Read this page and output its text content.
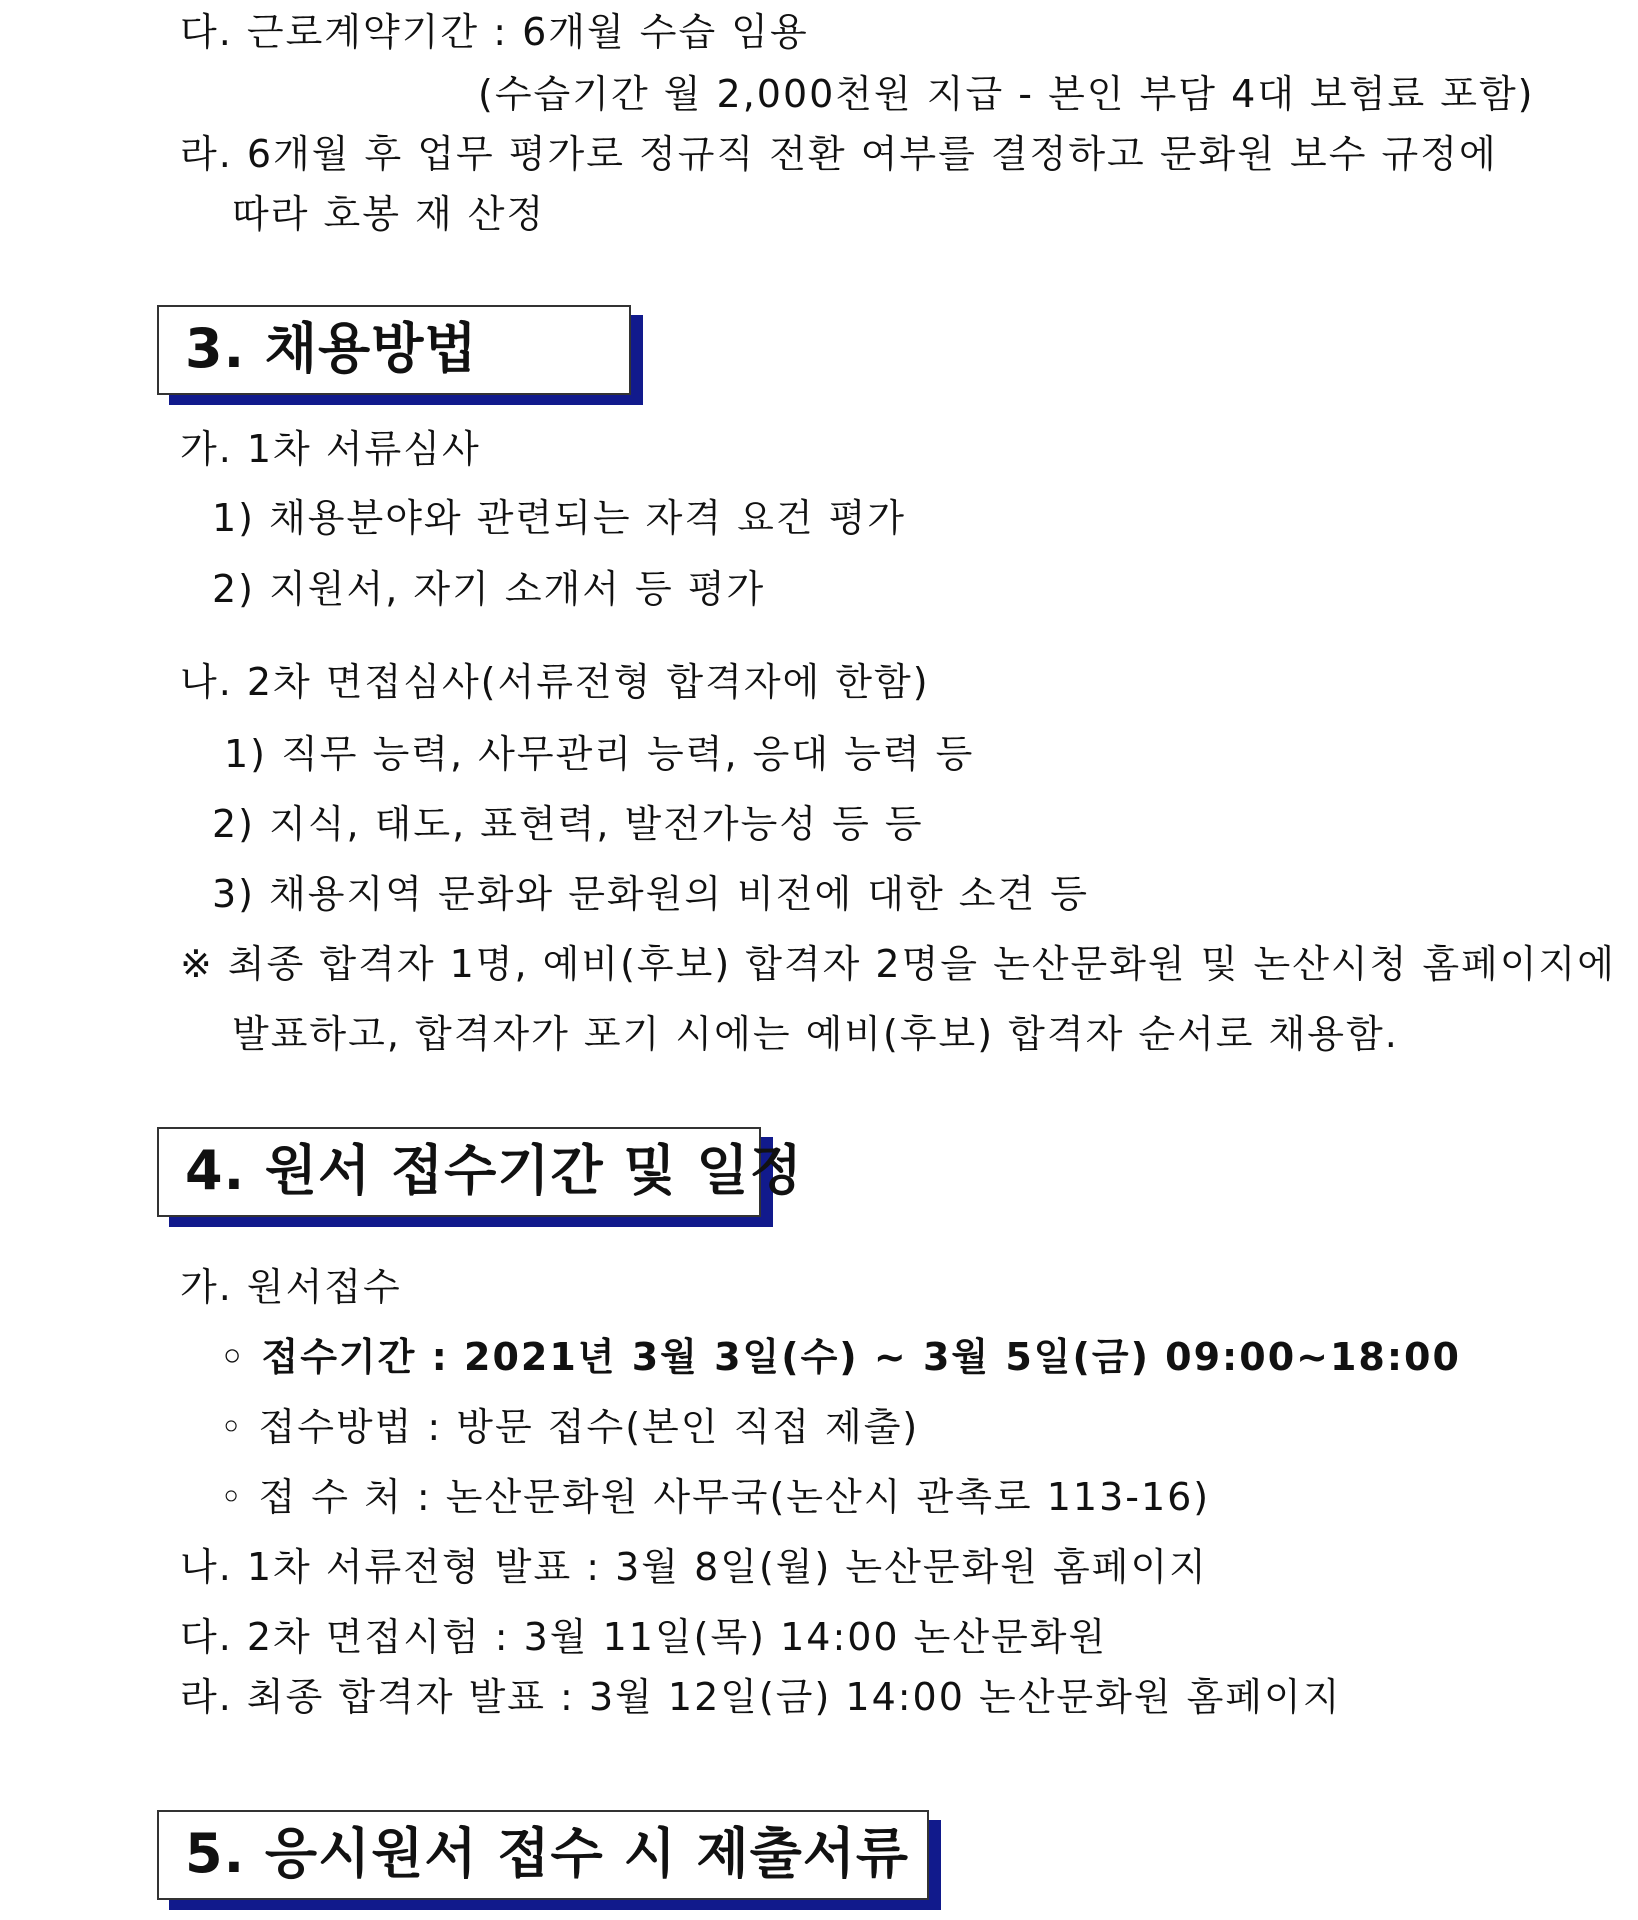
다. 근로계약기간 : 6개월 수습 임용
(수습기간 월 2,000천원 지급 - 본인 부담 4대 보험료 포함)
라. 6개월 후 업무 평가로 정규직 전환 여부를 결정하고 문화원 보수 규정에
따라 호봉 재 산정
3. 채용방법
가. 1차 서류심사
1) 채용분야와 관련되는 자격 요건 평가
2) 지원서, 자기 소개서 등 평가
나. 2차 면접심사(서류전형 합격자에 한함)
1) 직무 능력, 사무관리 능력, 응대 능력 등
2) 지식, 태도, 표현력, 발전가능성 등 등
3) 채용지역 문화와 문화원의 비전에 대한 소견 등
※ 최종 합격자 1명, 예비(후보) 합격자 2명을 논산문화원 및 논산시청 홈페이지에
발표하고, 합격자가 포기 시에는 예비(후보) 합격자 순서로 채용함.
4. 원서 접수기간 및 일정
가. 원서접수
◦ 접수기간 : 2021년 3월 3일(수) ~ 3월 5일(금) 09:00~18:00
◦ 접수방법 : 방문 접수(본인 직접 제출)
◦ 접 수 처 : 논산문화원 사무국(논산시 관촉로 113-16)
나. 1차 서류전형 발표 : 3월 8일(월) 논산문화원 홈페이지
다. 2차 면접시험 : 3월 11일(목) 14:00 논산문화원
라. 최종 합격자 발표 : 3월 12일(금) 14:00 논산문화원 홈페이지
5. 응시원서 접수 시 제출서류
